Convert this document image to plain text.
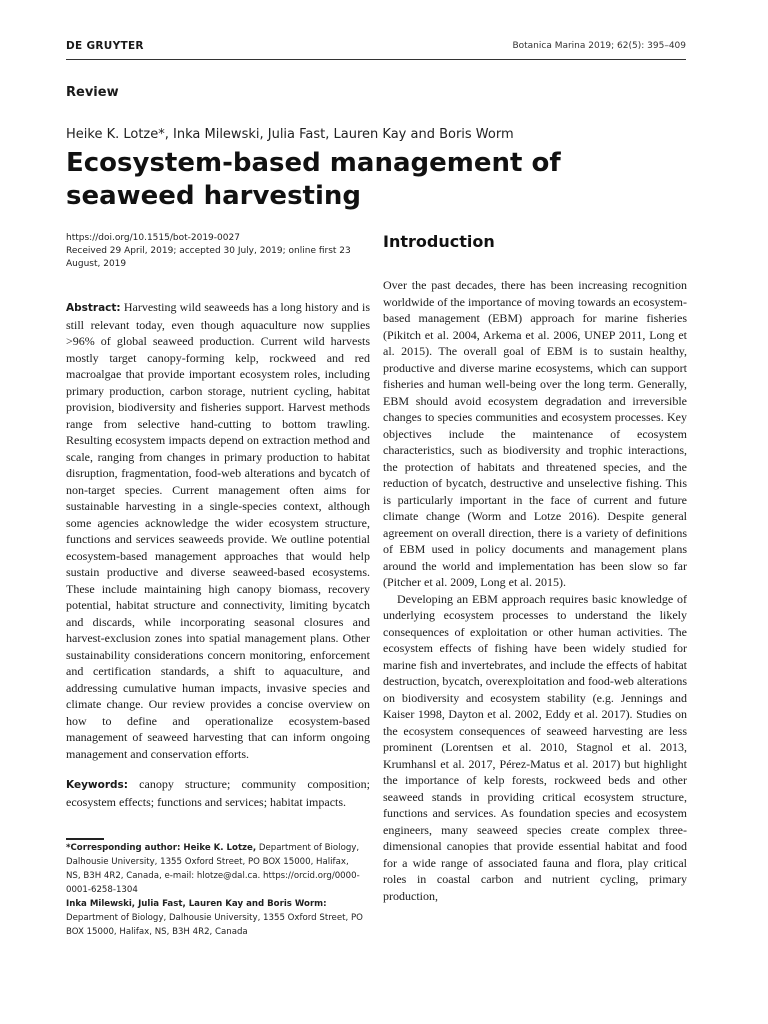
DE GRUYTER	Botanica Marina 2019; 62(5): 395–409
Review
Heike K. Lotze*, Inka Milewski, Julia Fast, Lauren Kay and Boris Worm
Ecosystem-based management of seaweed harvesting

https://doi.org/10.1515/bot-2019-0027

Received 29 April, 2019; accepted 30 July, 2019; online first 23 August, 2019

Abstract: Harvesting wild seaweeds has a long history and is still relevant today, even though aquaculture now supplies >96% of global seaweed production. Current wild harvests mostly target canopy-forming kelp, rockweed and red macroalgae that provide important ecosystem roles, including primary production, carbon storage, nutrient cycling, habitat provision, biodiversity and fisheries support. Harvest methods range from selective hand-cutting to bottom trawling. Resulting ecosystem impacts depend on extraction method and scale, ranging from changes in primary production to habitat disruption, fragmentation, food-web alterations and bycatch of non-target species. Current management often aims for sustainable harvesting in a single-species context, although some agencies acknowledge the wider ecosystem structure, functions and services seaweeds provide. We outline potential ecosystem-based management approaches that would help sustain productive and diverse seaweed-based ecosystems. These include maintaining high canopy biomass, recovery potential, habitat structure and connectivity, limiting bycatch and discards, while incorporating seasonal closures and harvest-exclusion zones into spatial management plans. Other sustainability considerations concern monitoring, enforcement and certification standards, a shift to aquaculture, and addressing cumulative human impacts, invasive species and climate change. Our review provides a concise overview on how to define and operationalize ecosystem-based management of seaweed harvesting that can inform ongoing management and conservation efforts.

Keywords: canopy structure; community composition; ecosystem effects; functions and services; habitat impacts.

*Corresponding author: Heike K. Lotze, Department of Biology, Dalhousie University, 1355 Oxford Street, PO BOX 15000, Halifax, NS, B3H 4R2, Canada, e-mail: hlotze@dal.ca. https://orcid.org/0000-0001-6258-1304

Inka Milewski, Julia Fast, Lauren Kay and Boris Worm: Department of Biology, Dalhousie University, 1355 Oxford Street, PO BOX 15000, Halifax, NS, B3H 4R2, Canada

Introduction

Over the past decades, there has been increasing recognition worldwide of the importance of moving towards an ecosystem-based management (EBM) approach for marine fisheries (Pikitch et al. 2004, Arkema et al. 2006, UNEP 2011, Long et al. 2015). The overall goal of EBM is to sustain healthy, productive and diverse marine ecosystems, which can support fisheries and human well-being over the long term. Generally, EBM should avoid ecosystem degradation and irreversible changes to species communities and ecosystem processes. Key objectives include the maintenance of ecosystem characteristics, such as biodiversity and trophic interactions, the protection of habitats and threatened species, and the reduction of bycatch, destructive and unselective fishing. This is particularly important in the face of current and future climate change (Worm and Lotze 2016). Despite general agreement on overall direction, there is a variety of definitions of EBM used in policy documents and management plans around the world and implementation has been slow so far (Pitcher et al. 2009, Long et al. 2015).

Developing an EBM approach requires basic knowledge of underlying ecosystem processes to understand the likely consequences of exploitation or other human activities. The ecosystem effects of fishing have been widely studied for marine fish and invertebrates, and include the effects of habitat destruction, bycatch, overexploitation and food-web alterations on biodiversity and ecosystem stability (e.g. Jennings and Kaiser 1998, Dayton et al. 2002, Eddy et al. 2017). Studies on the ecosystem consequences of seaweed harvesting are less prominent (Lorentsen et al. 2010, Stagnol et al. 2013, Krumhansl et al. 2017, Pérez-Matus et al. 2017) but highlight the importance of kelp forests, rockweed beds and other seaweed stands in providing critical ecosystem structure, functions and services. As foundation species and ecosystem engineers, many seaweed species create complex three-dimensional canopies that provide essential habitat and food for a wide range of associated fauna and flora, play critical roles in coastal carbon and nutrient cycling, primary production,
